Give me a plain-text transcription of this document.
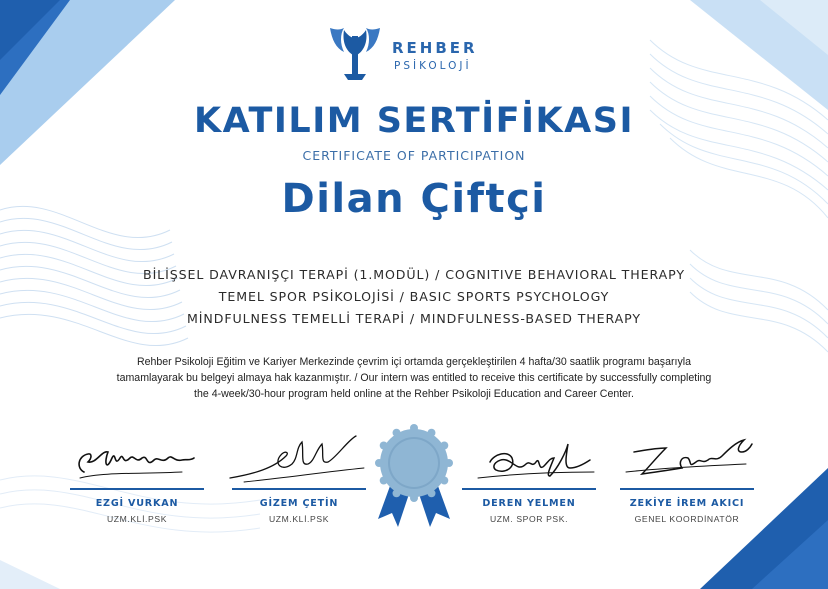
REHBER
PSİKOLOJİ
KATILIM SERTİFİKASI
CERTIFICATE OF PARTICIPATION
Dilan Çiftçi
BİLİŞSEL DAVRANIŞÇI TERAPİ (1.MODÜL) / COGNITIVE BEHAVIORAL THERAPY
TEMEL SPOR PSİKOLOJİSİ / BASIC SPORTS PSYCHOLOGY
MİNDFULNESS TEMELLİ TERAPİ / MINDFULNESS-BASED THERAPY
Rehber Psikoloji Eğitim ve Kariyer Merkezinde çevrim içi ortamda gerçekleştirilen 4 hafta/30 saatlik programı başarıyla
tamamlayarak bu belgeyi almaya hak kazanmıştır. / Our intern was entitled to receive this certificate by successfully completing
the 4-week/30-hour program held online at the Rehber Psikoloji Education and Career Center.
EZGİ VURKAN
UZM.KLİ.PSK
GİZEM ÇETİN
UZM.KLİ.PSK
DEREN YELMEN
UZM. SPOR PSK.
ZEKİYE İREM AKICI
GENEL KOORDİNATÖR
